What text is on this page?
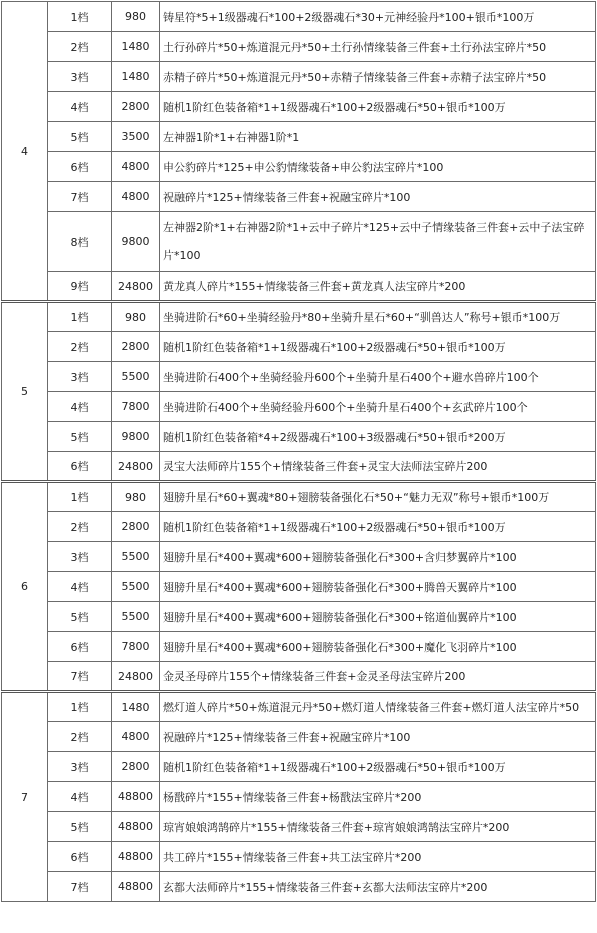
4	1档	980	铸星符*5+1级器魂石*100+2级器魂石*30+元神经验丹*100+银币*100万
	2档	1480	土行孙碎片*50+炼道混元丹*50+土行孙情缘装备三件套+土行孙法宝碎片*50
	3档	1480	赤精子碎片*50+炼道混元丹*50+赤精子情缘装备三件套+赤精子法宝碎片*50
	4档	2800	随机1阶红色装备箱*1+1级器魂石*100+2级器魂石*50+银币*100万
	5档	3500	左神器1阶*1+右神器1阶*1
	6档	4800	申公豹碎片*125+申公豹情缘装备+申公豹法宝碎片*100
	7档	4800	祝融碎片*125+情缘装备三件套+祝融宝碎片*100
	8档	9800	左神器2阶*1+右神器2阶*1+云中子碎片*125+云中子情缘装备三件套+云中子法宝碎片*100
	9档	24800	黄龙真人碎片*155+情缘装备三件套+黄龙真人法宝碎片*200
5	1档	980	坐骑进阶石*60+坐骑经验丹*80+坐骑升星石*60+“驯兽达人”称号+银币*100万
	2档	2800	随机1阶红色装备箱*1+1级器魂石*100+2级器魂石*50+银币*100万
	3档	5500	坐骑进阶石400个+坐骑经验丹600个+坐骑升星石400个+避水兽碎片100个
	4档	7800	坐骑进阶石400个+坐骑经验丹600个+坐骑升星石400个+玄武碎片100个
	5档	9800	随机1阶红色装备箱*4+2级器魂石*100+3级器魂石*50+银币*200万
	6档	24800	灵宝大法师碎片155个+情缘装备三件套+灵宝大法师法宝碎片200
6	1档	980	翅膀升星石*60+翼魂*80+翅膀装备强化石*50+“魅力无双”称号+银币*100万
	2档	2800	随机1阶红色装备箱*1+1级器魂石*100+2级器魂石*50+银币*100万
	3档	5500	翅膀升星石*400+翼魂*600+翅膀装备强化石*300+含归梦翼碎片*100
	4档	5500	翅膀升星石*400+翼魂*600+翅膀装备强化石*300+腾兽天翼碎片*100
	5档	5500	翅膀升星石*400+翼魂*600+翅膀装备强化石*300+铭道仙翼碎片*100
	6档	7800	翅膀升星石*400+翼魂*600+翅膀装备强化石*300+魔化飞羽碎片*100
	7档	24800	金灵圣母碎片155个+情缘装备三件套+金灵圣母法宝碎片200
7	1档	1480	燃灯道人碎片*50+炼道混元丹*50+燃灯道人情缘装备三件套+燃灯道人法宝碎片*50
	2档	4800	祝融碎片*125+情缘装备三件套+祝融宝碎片*100
	3档	2800	随机1阶红色装备箱*1+1级器魂石*100+2级器魂石*50+银币*100万
	4档	48800	杨戬碎片*155+情缘装备三件套+杨戬法宝碎片*200
	5档	48800	琼宵娘娘鸿鹄碎片*155+情缘装备三件套+琼宵娘娘鸿鹄法宝碎片*200
	6档	48800	共工碎片*155+情缘装备三件套+共工法宝碎片*200
	7档	48800	玄都大法师碎片*155+情缘装备三件套+玄都大法师法宝碎片*200
